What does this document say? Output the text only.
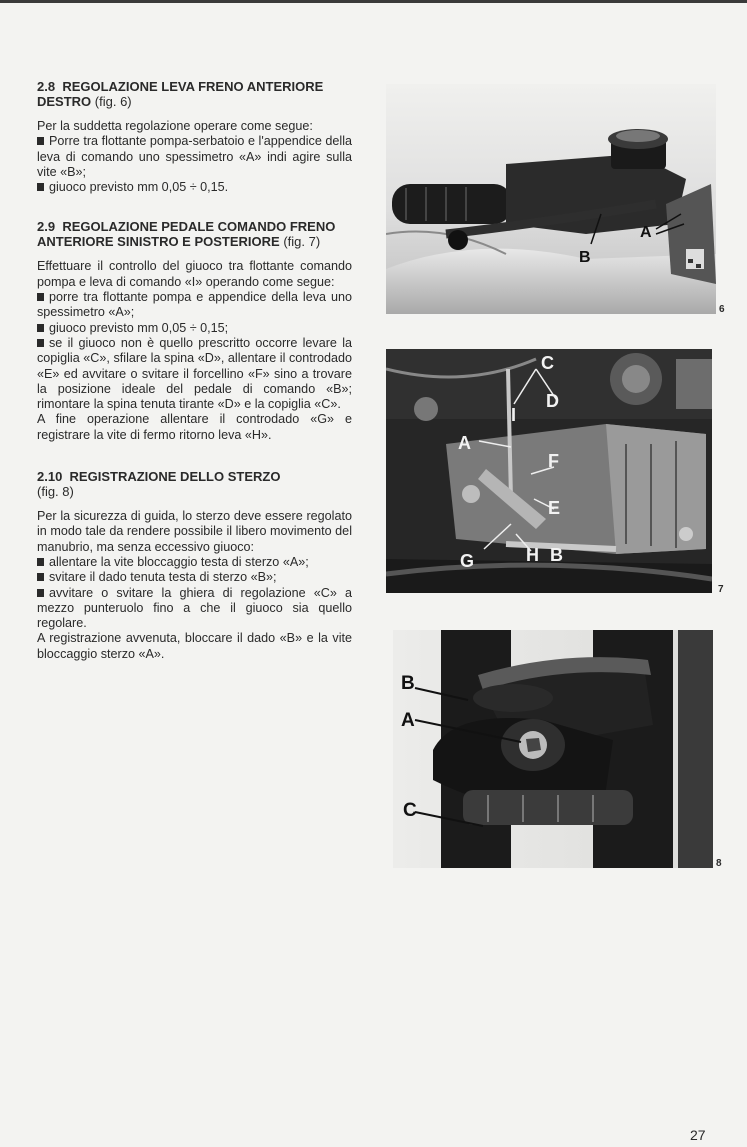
2.8 REGOLAZIONE LEVA FRENO ANTERIORE DESTRO (fig. 6)
Per la suddetta regolazione operare come segue:
Porre tra flottante pompa-serbatoio e l'appendice della leva di comando uno spessimetro «A» indi agire sulla vite «B»;
giuoco previsto mm 0,05 ÷ 0,15.
2.9 REGOLAZIONE PEDALE COMANDO FRENO ANTERIORE SINISTRO E POSTERIORE (fig. 7)
Effettuare il controllo del giuoco tra flottante comando pompa e leva di comando «I» operando come segue:
porre tra flottante pompa e appendice della leva uno spessimetro «A»;
giuoco previsto mm 0,05 ÷ 0,15;
se il giuoco non è quello prescritto occorre levare la copiglia «C», sfilare la spina «D», allentare il controdado «E» ed avvitare o svitare il forcellino «F» sino a trovare la posizione ideale del pedale di comando «B»; rimontare la spina tenuta tirante «D» e la copiglia «C».
A fine operazione allentare il controdado «G» e registrare la vite di fermo ritorno leva «H».
2.10 REGISTRAZIONE DELLO STERZO
(fig. 8)
Per la sicurezza di guida, lo sterzo deve essere regolato in modo tale da rendere possibile il libero movimento del manubrio, ma senza eccessivo giuoco:
allentare la vite bloccaggio testa di sterzo «A»;
svitare il dado tenuta testa di sterzo «B»;
avvitare o svitare la ghiera di regolazione «C» a mezzo punteruolo fino a che il giuoco sia quello regolare.
A registrazione avvenuta, bloccare il dado «B» e la vite bloccaggio sterzo «A».
A
B
6
C
I
D
A
F
E
G	H B
7
B
A
C
8
27
